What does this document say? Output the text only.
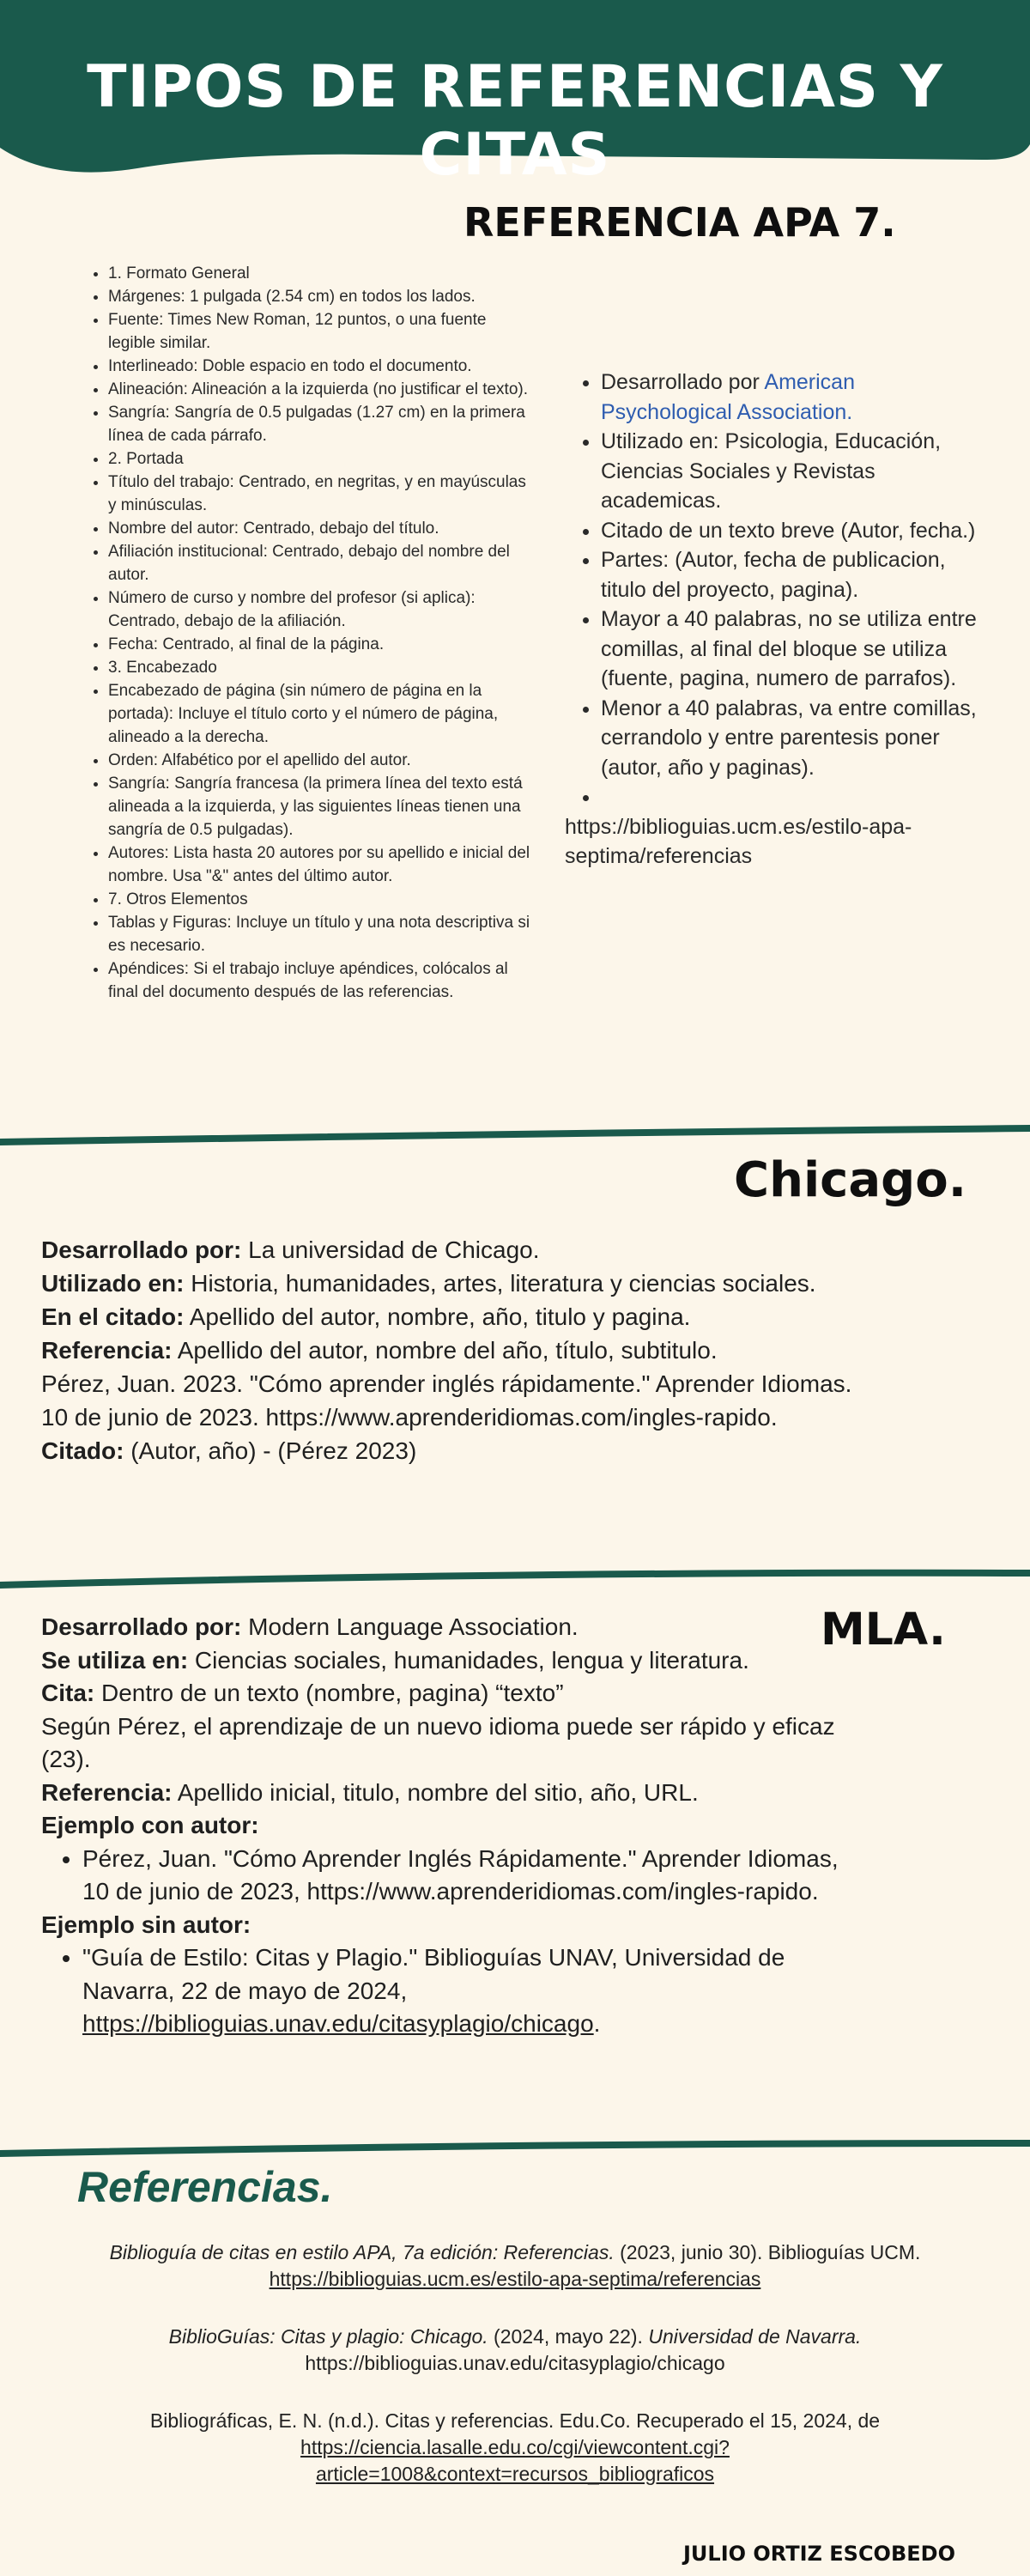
TIPOS DE REFERENCIAS Y CITAS
REFERENCIA APA 7.
• 1. Formato General
• Márgenes: 1 pulgada (2.54 cm) en todos los lados.
• Fuente: Times New Roman, 12 puntos, o una fuente legible similar.
• Interlineado: Doble espacio en todo el documento.
• Alineación: Alineación a la izquierda (no justificar el texto).
• Sangría: Sangría de 0.5 pulgadas (1.27 cm) en la primera línea de cada párrafo.
• 2. Portada
• Título del trabajo: Centrado, en negritas, y en mayúsculas y minúsculas.
• Nombre del autor: Centrado, debajo del título.
• Afiliación institucional: Centrado, debajo del nombre del autor.
• Número de curso y nombre del profesor (si aplica): Centrado, debajo de la afiliación.
• Fecha: Centrado, al final de la página.
• 3. Encabezado
• Encabezado de página (sin número de página en la portada): Incluye el título corto y el número de página, alineado a la derecha.
• Orden: Alfabético por el apellido del autor.
• Sangría: Sangría francesa (la primera línea del texto está alineada a la izquierda, y las siguientes líneas tienen una sangría de 0.5 pulgadas).
• Autores: Lista hasta 20 autores por su apellido e inicial del nombre. Usa "&" antes del último autor.
• 7. Otros Elementos
• Tablas y Figuras: Incluye un título y una nota descriptiva si es necesario.
• Apéndices: Si el trabajo incluye apéndices, colócalos al final del documento después de las referencias.
• Desarrollado por American Psychological Association.
• Utilizado en: Psicologia, Educación, Ciencias Sociales y Revistas academicas.
• Citado de un texto breve (Autor, fecha.)
• Partes: (Autor, fecha de publicacion, titulo del proyecto, pagina).
• Mayor a 40 palabras, no se utiliza entre comillas, al final del bloque se utiliza (fuente, pagina, numero de parrafos).
• Menor a 40 palabras, va entre comillas, cerrandolo y entre parentesis poner (autor, año y paginas).
•
https://biblioguias.ucm.es/estilo-apa-septima/referencias
Chicago.
Desarrollado por: La universidad de Chicago.
Utilizado en: Historia, humanidades, artes, literatura y ciencias sociales.
En el citado: Apellido del autor, nombre, año, titulo y pagina.
Referencia: Apellido del autor, nombre del año, título, subtitulo.
Pérez, Juan. 2023. "Cómo aprender inglés rápidamente." Aprender Idiomas. 10 de junio de 2023. https://www.aprenderidiomas.com/ingles-rapido.
Citado: (Autor, año) - (Pérez 2023)
MLA.
Desarrollado por: Modern Language Association.
Se utiliza en: Ciencias sociales, humanidades, lengua y literatura.
Cita: Dentro de un texto (nombre, pagina) “texto”
Según Pérez, el aprendizaje de un nuevo idioma puede ser rápido y eficaz (23).
Referencia: Apellido inicial, titulo, nombre del sitio, año, URL.
Ejemplo con autor:
• Pérez, Juan. "Cómo Aprender Inglés Rápidamente." Aprender Idiomas, 10 de junio de 2023, https://www.aprenderidiomas.com/ingles-rapido.
Ejemplo sin autor:
• "Guía de Estilo: Citas y Plagio." Biblioguías UNAV, Universidad de Navarra, 22 de mayo de 2024, https://biblioguias.unav.edu/citasyplagio/chicago.
Referencias.
Biblioguía de citas en estilo APA, 7a edición: Referencias. (2023, junio 30). Biblioguías UCM.
https://biblioguias.ucm.es/estilo-apa-septima/referencias
BiblioGuías: Citas y plagio: Chicago. (2024, mayo 22). Universidad de Navarra.
https://biblioguias.unav.edu/citasyplagio/chicago
Bibliográficas, E. N. (n.d.). Citas y referencias. Edu.Co. Recuperado el 15, 2024, de
https://ciencia.lasalle.edu.co/cgi/viewcontent.cgi?
article=1008&context=recursos_bibliograficos
JULIO ORTIZ ESCOBEDO
